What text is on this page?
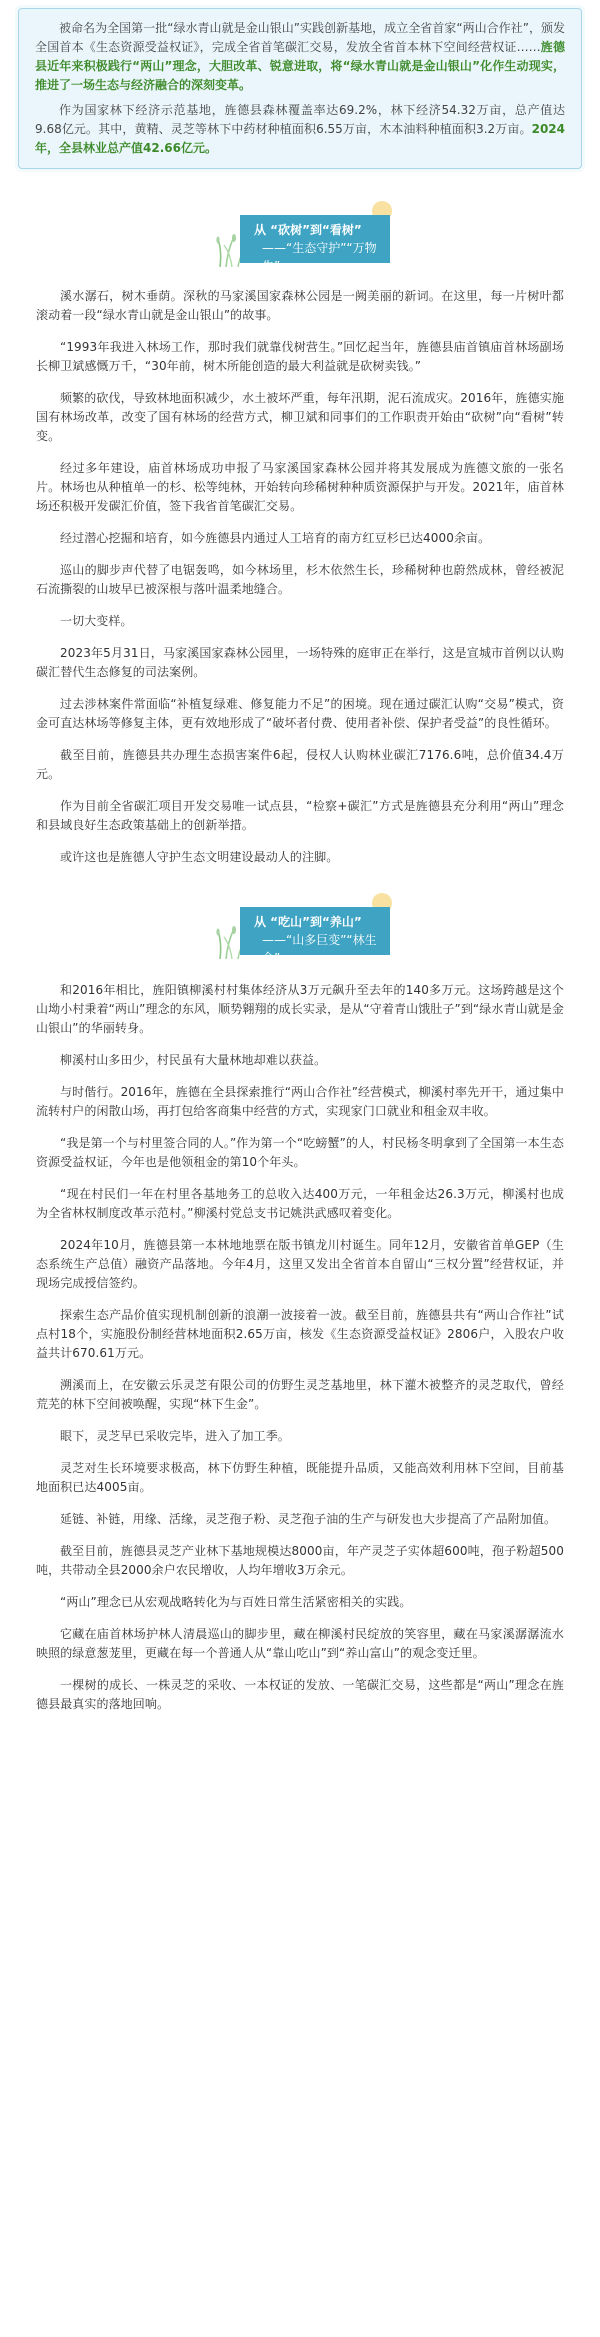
被命名为全国第一批“绿水青山就是金山银山”实践创新基地，成立全省首家“两山合作社”，颁发全国首本《生态资源受益权证》，完成全省首笔碳汇交易，发放全省首本林下空间经营权证……旌德县近年来积极践行“两山”理念，大胆改革、锐意进取，将“绿水青山就是金山银山”化作生动现实，推进了一场生态与经济融合的深刻变革。

作为国家林下经济示范基地，旌德县森林覆盖率达69.2%，林下经济54.32万亩，总产值达9.68亿元。其中，黄精、灵芝等林下中药材种植面积6.55万亩，木本油料种植面积3.2万亩。2024年，全县林业总产值42.66亿元。

从 “砍树”到“看树”
——“生态守护”“万物生”

溪水潺石，树木垂荫。深秋的马家溪国家森林公园是一阙美丽的新词。在这里，每一片树叶都滚动着一段“绿水青山就是金山银山”的故事。

“1993年我进入林场工作，那时我们就靠伐树营生。”回忆起当年，旌德县庙首镇庙首林场副场长柳卫斌感慨万千，“30年前，树木所能创造的最大利益就是砍树卖钱。”

频繁的砍伐，导致林地面积减少，水土被坏严重，每年汛期，泥石流成灾。2016年，旌德实施国有林场改革，改变了国有林场的经营方式，柳卫斌和同事们的工作职责开始由“砍树”向“看树”转变。

经过多年建设，庙首林场成功申报了马家溪国家森林公园并将其发展成为旌德文旅的一张名片。林场也从种植单一的杉、松等纯林，开始转向珍稀树种种质资源保护与开发。2021年，庙首林场还积极开发碳汇价值，签下我省首笔碳汇交易。

经过潜心挖掘和培育，如今旌德县内通过人工培育的南方红豆杉已达4000余亩。

巡山的脚步声代替了电锯轰鸣，如今林场里，杉木依然生长，珍稀树种也蔚然成林，曾经被泥石流撕裂的山坡早已被深根与落叶温柔地缝合。

一切大变样。

2023年5月31日，马家溪国家森林公园里，一场特殊的庭审正在举行，这是宣城市首例以认购碳汇替代生态修复的司法案例。

过去涉林案件常面临“补植复绿难、修复能力不足”的困境。现在通过碳汇认购“交易”模式，资金可直达林场等修复主体，更有效地形成了“破坏者付费、使用者补偿、保护者受益”的良性循环。

截至目前，旌德县共办理生态损害案件6起，侵权人认购林业碳汇7176.6吨，总价值34.4万元。

作为目前全省碳汇项目开发交易唯一试点县，“检察+碳汇”方式是旌德县充分利用“两山”理念和县域良好生态政策基础上的创新举措。

或许这也是旌德人守护生态文明建设最动人的注脚。

从 “吃山”到“养山”
——“山多巨变”“林生金”

和2016年相比，旌阳镇柳溪村村集体经济从3万元飙升至去年的140多万元。这场跨越是这个山坳小村秉着“两山”理念的东风，顺势翱翔的成长实录，是从“守着青山饿肚子”到“绿水青山就是金山银山”的华丽转身。

柳溪村山多田少，村民虽有大量林地却难以获益。

与时偕行。2016年，旌德在全县探索推行“两山合作社”经营模式，柳溪村率先开干，通过集中流转村户的闲散山场，再打包给客商集中经营的方式，实现家门口就业和租金双丰收。

“我是第一个与村里签合同的人。”作为第一个“吃螃蟹”的人，村民杨冬明拿到了全国第一本生态资源受益权证，今年也是他领租金的第10个年头。

“现在村民们一年在村里各基地务工的总收入达400万元，一年租金达26.3万元，柳溪村也成为全省林权制度改革示范村。”柳溪村党总支书记姚洪武感叹着变化。

2024年10月，旌德县第一本林地地票在版书镇龙川村诞生。同年12月，安徽省首单GEP（生态系统生产总值）融资产品落地。今年4月，这里又发出全省首本自留山“三权分置”经营权证，并现场完成授信签约。

探索生态产品价值实现机制创新的浪潮一波接着一波。截至目前，旌德县共有“两山合作社”试点村18个，实施股份制经营林地面积2.65万亩，核发《生态资源受益权证》2806户，入股农户收益共计670.61万元。

溯溪而上，在安徽云乐灵芝有限公司的仿野生灵芝基地里，林下灌木被整齐的灵芝取代，曾经荒芜的林下空间被唤醒，实现“林下生金”。

眼下，灵芝早已采收完毕，进入了加工季。

灵芝对生长环境要求极高，林下仿野生种植，既能提升品质，又能高效利用林下空间，目前基地面积已达4005亩。

延链、补链，用缘、活缘，灵芝孢子粉、灵芝孢子油的生产与研发也大步提高了产品附加值。

截至目前，旌德县灵芝产业林下基地规模达8000亩，年产灵芝子实体超600吨，孢子粉超500吨，共带动全县2000余户农民增收，人均年增收3万余元。

“两山”理念已从宏观战略转化为与百姓日常生活紧密相关的实践。

它藏在庙首林场护林人清晨巡山的脚步里，藏在柳溪村民绽放的笑容里，藏在马家溪潺潺流水映照的绿意葱茏里，更藏在每一个普通人从“靠山吃山”到“养山富山”的观念变迁里。

一棵树的成长、一株灵芝的采收、一本权证的发放、一笔碳汇交易，这些都是“两山”理念在旌德县最真实的落地回响。
